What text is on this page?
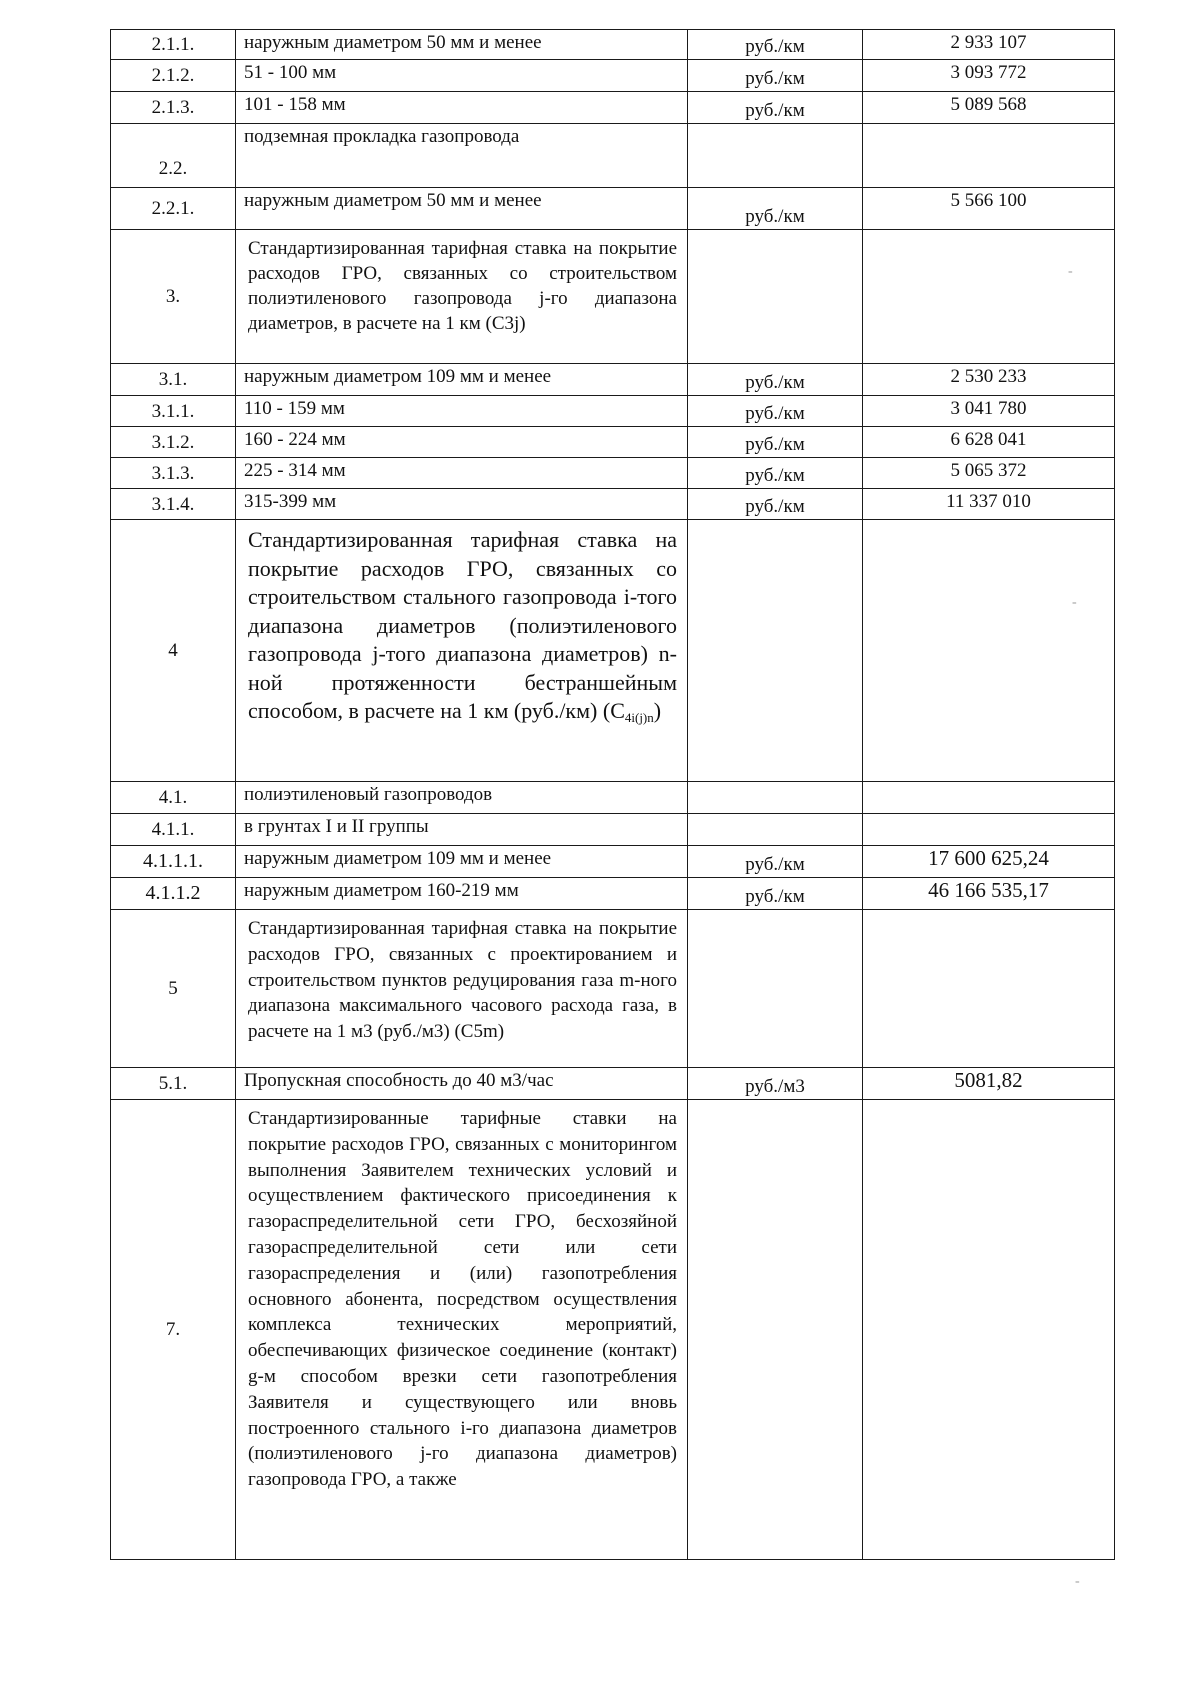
2.1.1.	наружным диаметром 50 мм и менее	руб./км	2 933 107
2.1.2.	51 - 100 мм	руб./км	3 093 772
2.1.3.	101 - 158 мм	руб./км	5 089 568
2.2.	подземная прокладка газопровода		
2.2.1.	наружным диаметром 50 мм и менее	руб./км	5 566 100
3.	Стандартизированная тарифная ставка на покрытие расходов ГРО, связанных со строительством полиэтиленового газопровода j-го диапазона диаметров, в расчете на 1 км (С3j)		
3.1.	наружным диаметром 109 мм и менее	руб./км	2 530 233
3.1.1.	110 - 159 мм	руб./км	3 041 780
3.1.2.	160 - 224 мм	руб./км	6 628 041
3.1.3.	225 - 314 мм	руб./км	5 065 372
3.1.4.	315-399 мм	руб./км	11 337 010
4	Стандартизированная тарифная ставка на покрытие расходов ГРО, связанных со строительством стального газопровода i-того диапазона диаметров (полиэтиленового газопровода j-того диапазона диаметров) n-ной протяженности бестраншейным способом, в расчете на 1 км (руб./км) $(С_{4i(j)n})$		
4.1.	полиэтиленовый газопроводов		
4.1.1.	в грунтах I и II группы		
4.1.1.1.	наружным диаметром 109 мм и менее	руб./км	17 600 625,24
4.1.1.2	наружным диаметром 160-219 мм	руб./км	46 166 535,17
5	Стандартизированная тарифная ставка на покрытие расходов ГРО, связанных с проектированием и строительством пунктов редуцирования газа m-ного диапазона максимального часового расхода газа, в расчете на 1 м3 (руб./м3) (С5m)		
5.1.	Пропускная способность до 40 м3/час	руб./м3	5081,82
7.	Стандартизированные тарифные ставки на покрытие расходов ГРО, связанных с мониторингом выполнения Заявителем технических условий и осуществлением фактического присоединения к газораспределительной сети ГРО, бесхозяйной газораспределительной сети или сети газораспределения и (или) газопотребления основного абонента, посредством осуществления комплекса технических мероприятий, обеспечивающих физическое соединение (контакт) g-м способом врезки сети газопотребления Заявителя и существующего или вновь построенного стального i-го диапазона диаметров (полиэтиленового j-го диапазона диаметров) газопровода ГРО, а также		
-
-
-
